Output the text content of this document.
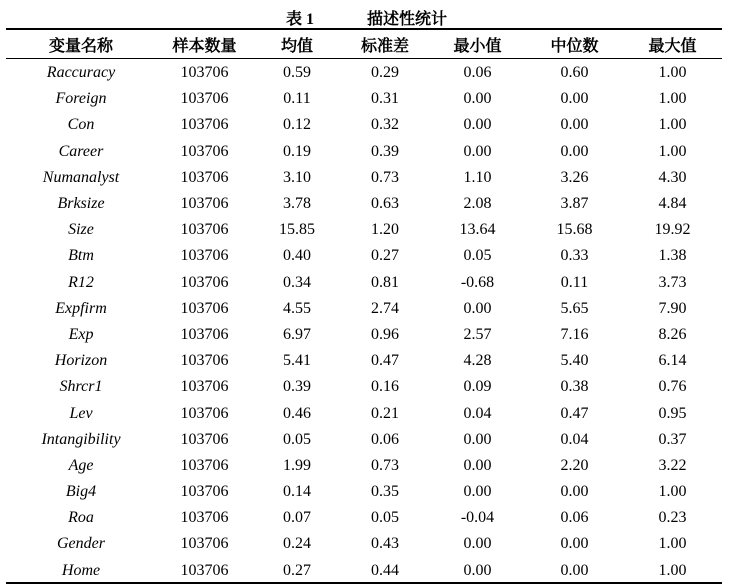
表 1	描述性统计
变量名称	样本数量	均值	标准差	最小值	中位数	最大值

Raccuracy	103706	0.59	0.29	0.06	0.60	1.00
Foreign	103706	0.11	0.31	0.00	0.00	1.00
Con	103706	0.12	0.32	0.00	0.00	1.00
Career	103706	0.19	0.39	0.00	0.00	1.00
Numanalyst	103706	3.10	0.73	1.10	3.26	4.30
Brksize	103706	3.78	0.63	2.08	3.87	4.84
Size	103706	15.85	1.20	13.64	15.68	19.92
Btm	103706	0.40	0.27	0.05	0.33	1.38
R12	103706	0.34	0.81	-0.68	0.11	3.73
Expfirm	103706	4.55	2.74	0.00	5.65	7.90
Exp	103706	6.97	0.96	2.57	7.16	8.26
Horizon	103706	5.41	0.47	4.28	5.40	6.14
Shrcr1	103706	0.39	0.16	0.09	0.38	0.76
Lev	103706	0.46	0.21	0.04	0.47	0.95
Intangibility	103706	0.05	0.06	0.00	0.04	0.37
Age	103706	1.99	0.73	0.00	2.20	3.22
Big4	103706	0.14	0.35	0.00	0.00	1.00
Roa	103706	0.07	0.05	-0.04	0.06	0.23
Gender	103706	0.24	0.43	0.00	0.00	1.00
Home	103706	0.27	0.44	0.00	0.00	1.00
